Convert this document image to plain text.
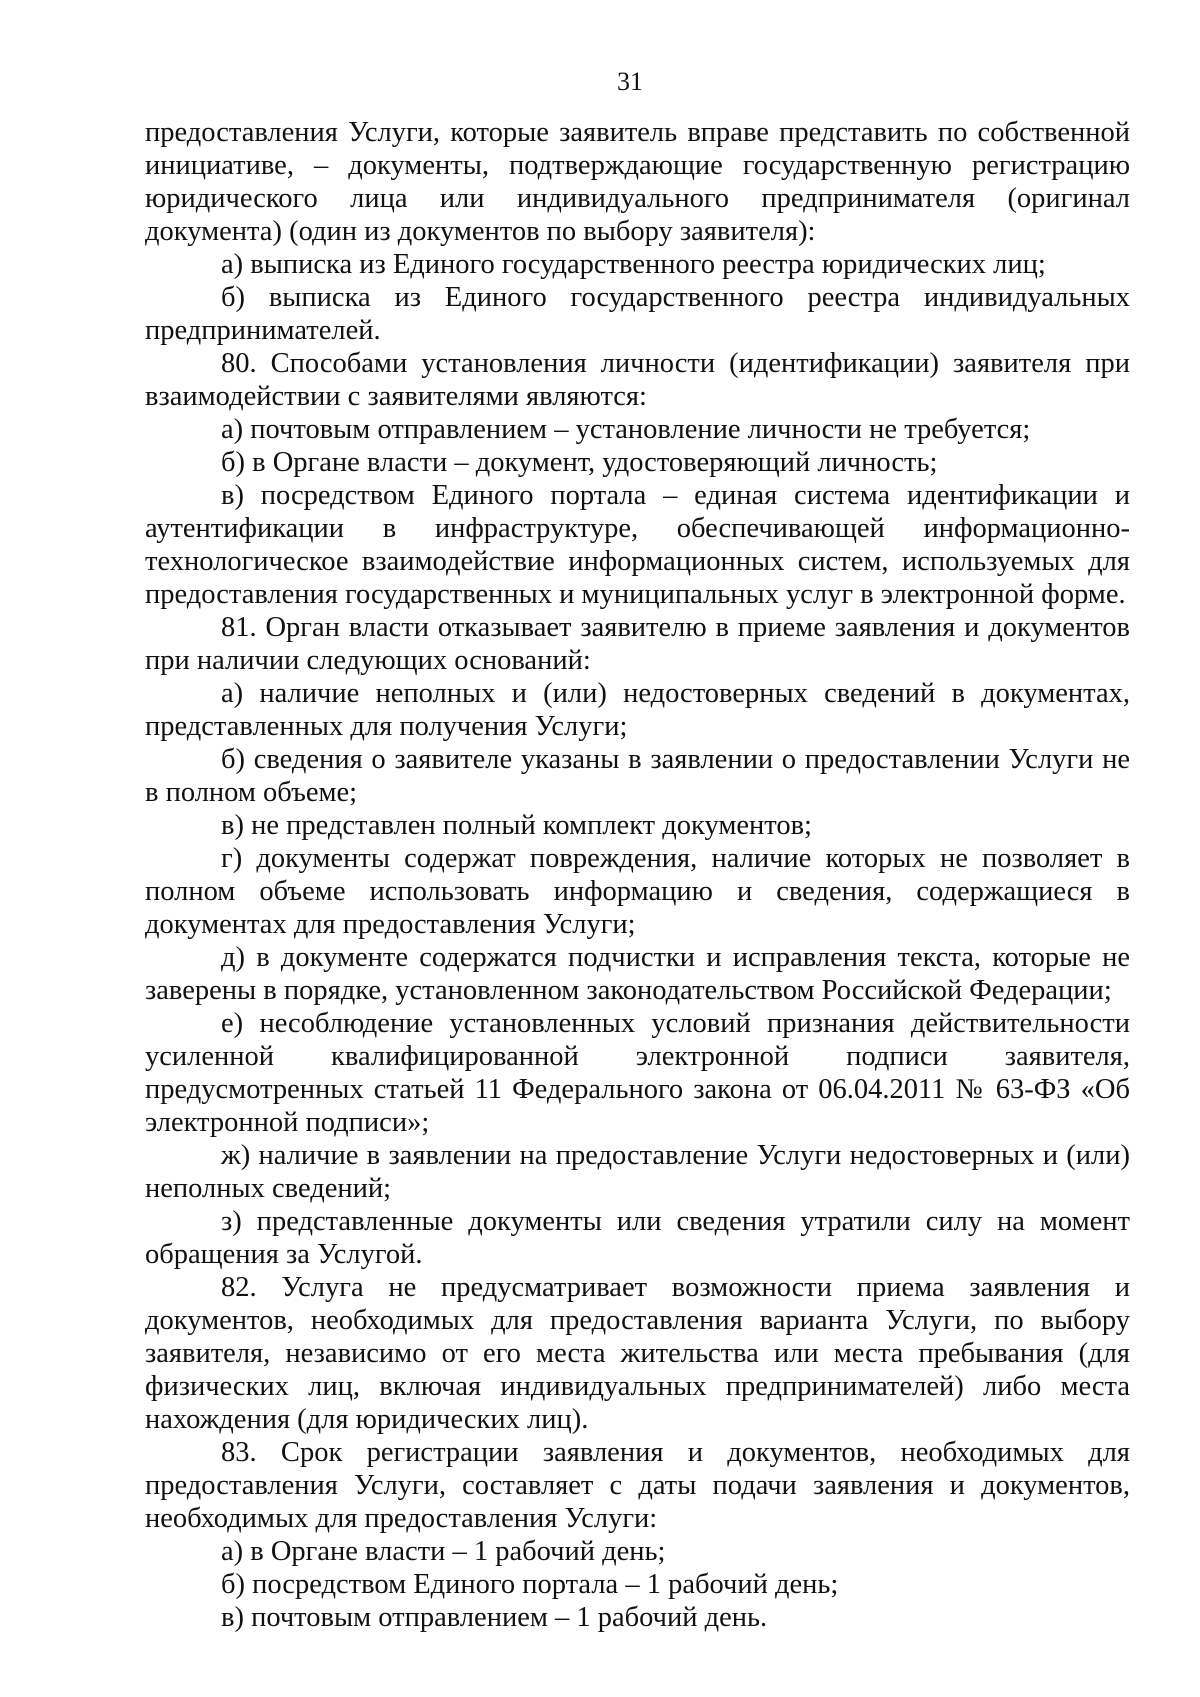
31

предоставления Услуги, которые заявитель вправе представить по собственной инициативе, – документы, подтверждающие государственную регистрацию юридического лица или индивидуального предпринимателя (оригинал документа) (один из документов по выбору заявителя):

а) выписка из Единого государственного реестра юридических лиц;

б) выписка из Единого государственного реестра индивидуальных предпринимателей.

80. Способами установления личности (идентификации) заявителя при взаимодействии с заявителями являются:

а) почтовым отправлением – установление личности не требуется;

б) в Органе власти – документ, удостоверяющий личность;

в) посредством Единого портала – единая система идентификации и аутентификации в инфраструктуре, обеспечивающей информационно-технологическое взаимодействие информационных систем, используемых для предоставления государственных и муниципальных услуг в электронной форме.

81. Орган власти отказывает заявителю в приеме заявления и документов при наличии следующих оснований:

а) наличие неполных и (или) недостоверных сведений в документах, представленных для получения Услуги;

б) сведения о заявителе указаны в заявлении о предоставлении Услуги не в полном объеме;

в) не представлен полный комплект документов;

г) документы содержат повреждения, наличие которых не позволяет в полном объеме использовать информацию и сведения, содержащиеся в документах для предоставления Услуги;

д) в документе содержатся подчистки и исправления текста, которые не заверены в порядке, установленном законодательством Российской Федерации;

е) несоблюдение установленных условий признания действительности усиленной квалифицированной электронной подписи заявителя, предусмотренных статьей 11 Федерального закона от 06.04.2011 № 63-ФЗ «Об электронной подписи»;

ж) наличие в заявлении на предоставление Услуги недостоверных и (или) неполных сведений;

з) представленные документы или сведения утратили силу на момент обращения за Услугой.

82. Услуга не предусматривает возможности приема заявления и документов, необходимых для предоставления варианта Услуги, по выбору заявителя, независимо от его места жительства или места пребывания (для физических лиц, включая индивидуальных предпринимателей) либо места нахождения (для юридических лиц).

83. Срок регистрации заявления и документов, необходимых для предоставления Услуги, составляет с даты подачи заявления и документов, необходимых для предоставления Услуги:

а) в Органе власти – 1 рабочий день;

б) посредством Единого портала – 1 рабочий день;

в) почтовым отправлением – 1 рабочий день.
